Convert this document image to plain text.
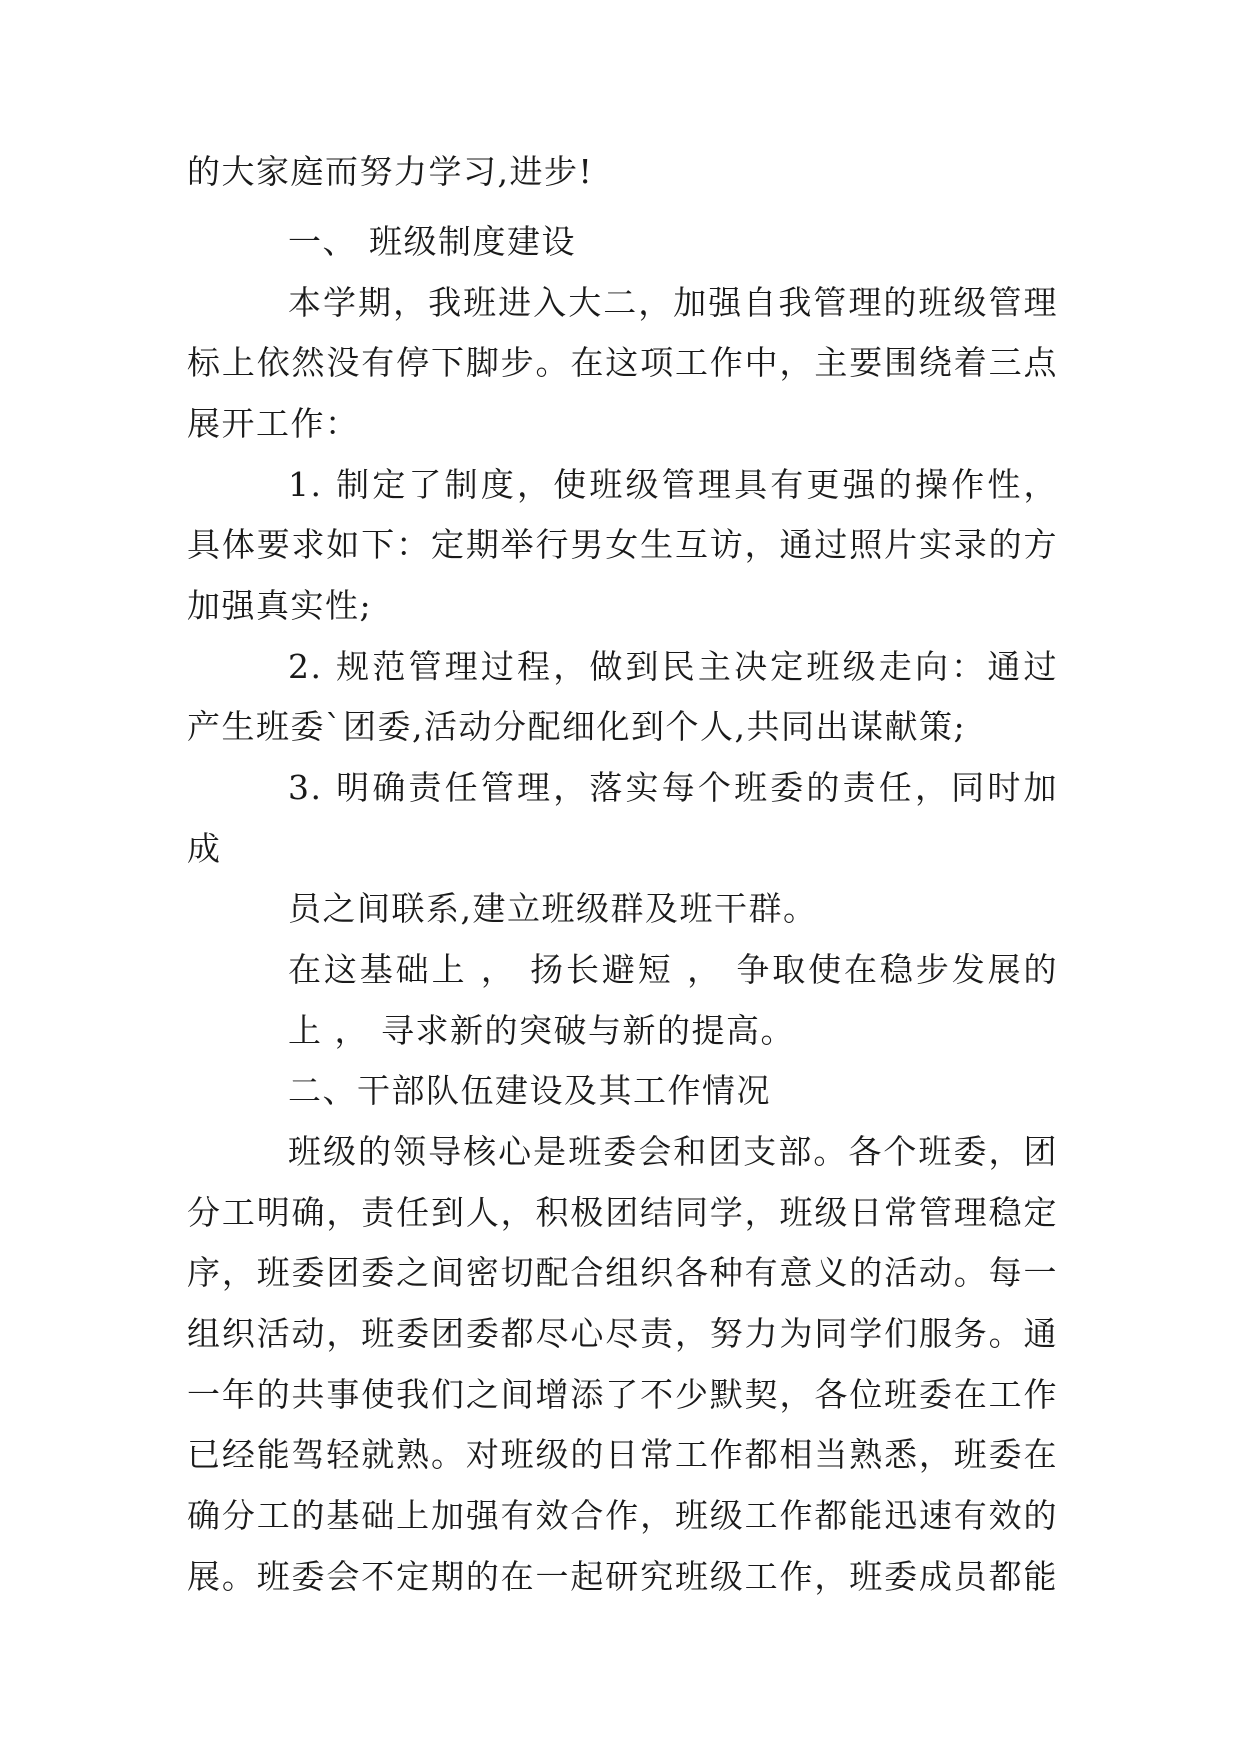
的大家庭而努力学习,进步!
一、 班级制度建设
本学期，我班进入大二，加强自我管理的班级管理
标上依然没有停下脚步。在这项工作中，主要围绕着三点
展开工作：
1. 制定了制度，使班级管理具有更强的操作性，
具体要求如下：定期举行男女生互访，通过照片实录的方
加强真实性;
2. 规范管理过程，做到民主决定班级走向：通过
产生班委`团委,活动分配细化到个人,共同出谋献策;
3. 明确责任管理，落实每个班委的责任，同时加
成
员之间联系,建立班级群及班干群。
在这基础上 ， 扬长避短 ， 争取使在稳步发展的
上 ， 寻求新的突破与新的提高。
二、干部队伍建设及其工作情况
班级的领导核心是班委会和团支部。各个班委，团
分工明确，责任到人，积极团结同学，班级日常管理稳定
序，班委团委之间密切配合组织各种有意义的活动。每一
组织活动，班委团委都尽心尽责，努力为同学们服务。通
一年的共事使我们之间增添了不少默契，各位班委在工作
已经能驾轻就熟。对班级的日常工作都相当熟悉，班委在
确分工的基础上加强有效合作，班级工作都能迅速有效的
展。班委会不定期的在一起研究班级工作，班委成员都能
